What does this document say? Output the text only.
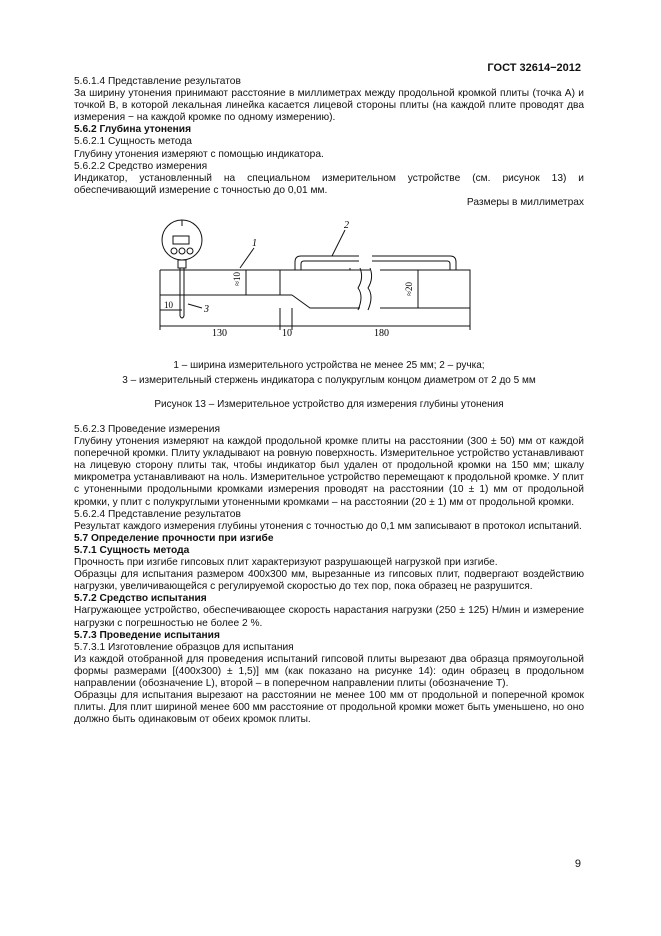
ГОСТ 32614−2012

5.6.1.4 Представление результатов

За ширину утонения принимают расстояние в миллиметрах между продольной кромкой плиты (точка А) и точкой В, в которой лекальная линейка касается лицевой стороны плиты (на каждой плите проводят два измерения − на каждой кромке по одному измерению).

5.6.2 Глубина утонения

5.6.2.1 Сущность метода

Глубину утонения измеряют с помощью индикатора.

5.6.2.2 Средство измерения

Индикатор, установленный на специальном измерительном устройстве (см. рисунок 13) и обеспечивающий измерение с точностью до 0,01 мм.

Размеры в миллиметрах

1
2
3
≈10
≈20
10
130	10	180
1 – ширина измерительного устройства не менее 25 мм; 2 – ручка;
3 – измерительный стержень индикатора с полукруглым концом диаметром от 2 до 5 мм
Рисунок 13 – Измерительное устройство для измерения глубины утонения

5.6.2.3 Проведение измерения

Глубину утонения измеряют на каждой продольной кромке плиты на расстоянии (300 ± 50) мм от каждой поперечной кромки. Плиту укладывают на ровную поверхность. Измерительное устройство устанавливают на лицевую сторону плиты так, чтобы индикатор был удален от продольной кромки на 150 мм; шкалу микрометра устанавливают на ноль. Измерительное устройство перемещают к продольной кромке. У плит с утоненными продольными кромками измерения проводят на расстоянии (10 ± 1) мм от продольной кромки, у плит с полукруглыми утоненными кромками – на расстоянии (20 ± 1) мм от продольной кромки.

5.6.2.4 Представление результатов

Результат каждого измерения глубины утонения с точностью до 0,1 мм записывают в протокол испытаний.

5.7 Определение прочности при изгибе

5.7.1 Сущность метода

Прочность при изгибе гипсовых плит характеризуют разрушающей нагрузкой при изгибе.

Образцы для испытания размером 400х300 мм, вырезанные из гипсовых плит, подвергают воздействию нагрузки, увеличивающейся с регулируемой скоростью до тех пор, пока образец не разрушится.

5.7.2 Средство испытания

Нагружающее устройство, обеспечивающее скорость нарастания нагрузки (250 ± 125) Н/мин и измерение нагрузки с погрешностью не более 2 %.

5.7.3 Проведение испытания

5.7.3.1 Изготовление образцов для испытания

Из каждой отобранной для проведения испытаний гипсовой плиты вырезают два образца прямоугольной формы размерами [(400х300) ± 1,5)] мм (как показано на рисунке 14): один образец в продольном направлении (обозначение L), второй – в поперечном направлении плиты (обозначение Т).

Образцы для испытания вырезают на расстоянии не менее 100 мм от продольной и поперечной кромок плиты. Для плит шириной менее 600 мм расстояние от продольной кромки может быть уменьшено, но оно должно быть одинаковым от обеих кромок плиты.

9
